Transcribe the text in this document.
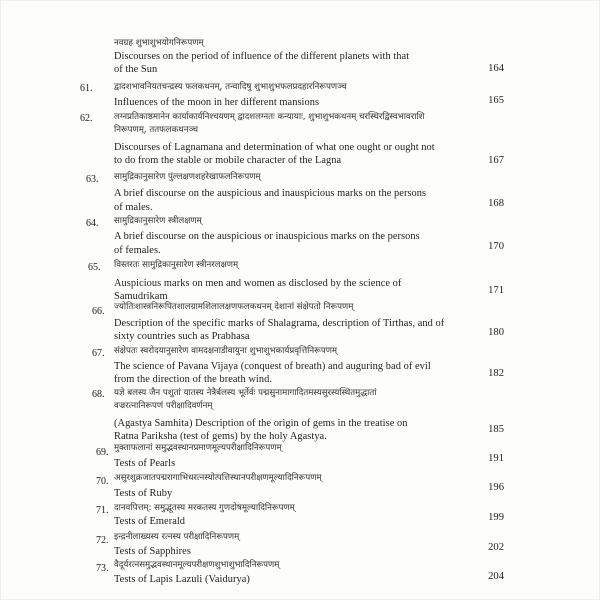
नवग्रह शुभाशुभयोगनिरूपणम्
Discourses on the period of influence of the different planets with that
of the Sun	164
61.	द्वादशभावनियतचन्द्रस्य फलकथनम्, तन्वादिषु शुभाशुभफलप्रदहारनिरूपणञ्च
Influences of the moon in her different mansions	165
62.	लग्नप्रतिकाष्ठमानेन कार्याकार्यनिश्चयणम् द्वादशलग्नतः कन्यायाः, शुभाशुभकथनम् चरस्थिरद्विस्वभावराशि
निरूपणम्, ततफलकथनञ्च
Discourses of Lagnamana and determination of what one ought or ought not
to do from the stable or mobile character of the Lagna	167
63. सामुद्रिकानुसारेण पुंल्लक्षणशहरेखाफलनिरूपणम्
A brief discourse on the auspicious and inauspicious marks on the persons
of males.	168
64. सामुद्रिकानुसारेण स्त्रीलक्षणम्
A brief discourse on the auspicious or inauspicious marks on the persons
of females.	170
65. विस्तरतः सामुद्रिकानुसारेण स्त्रीनरलक्षणम्
Auspicious marks on men and women as disclosed by the science of
Samudrikam
171
66. ज्योतिःशास्त्रनिरूपितशालग्रामशिलालक्षणफलकथनम् देशानां संक्षेपतो निरूपणम्
Description of the specific marks of Shalagrama, description of Tirthas, and of
sixty countries such as Prabhasa	180
67. संक्षेपतः स्वरोदयानुसारेण वामदक्षनाडीवायुना शुभाशुभकार्यप्रवृत्तिनिरूपणम्
The science of Pavana Vijaya (conquest of breath) and auguring bad of evil
from the direction of the breath wind.
182
68. यज्ञे बलस्य जैन पशुतां यातस्य नेत्रैर्बलस्य भूर्तेर्वः पद्मसुनामागादितमस्यसुरस्यस्थितमुद्धातां
वज्ररत्नानिरूपणं परीक्षादिवर्णनम्
(Agastya Samhita) Description of the origin of gems in the treatise on
Ratna Pariksha (test of gems) by the holy Agastya.
185
69. मुक्ताफलानां समुद्भवस्थानप्रमाणमूल्यपरीक्षादिनिरूपणम्
Tests of Pearls	191
70. असुरशुक्रजातपद्मरागाभिधरत्नस्योत्पत्तिस्थानपरीक्षणमूल्यादिनिरूपणम्
Tests of Ruby
196
71. दानवपित्तम्: समुद्भूतस्य मरकतस्य गुणदोषमूल्यादिनिरूपणम्
Tests of Emerald	199
72. इन्द्रनीलाख्यस्य रत्नस्य परीक्षादिनिरूपणम्
Tests of Sapphires	202
73. वैदूर्यरत्नसमुद्भवस्थानमूल्यपरीक्षणशुभाशुभादिनिरूपणम्
Tests of Lapis Lazuli (Vaidurya)	204
